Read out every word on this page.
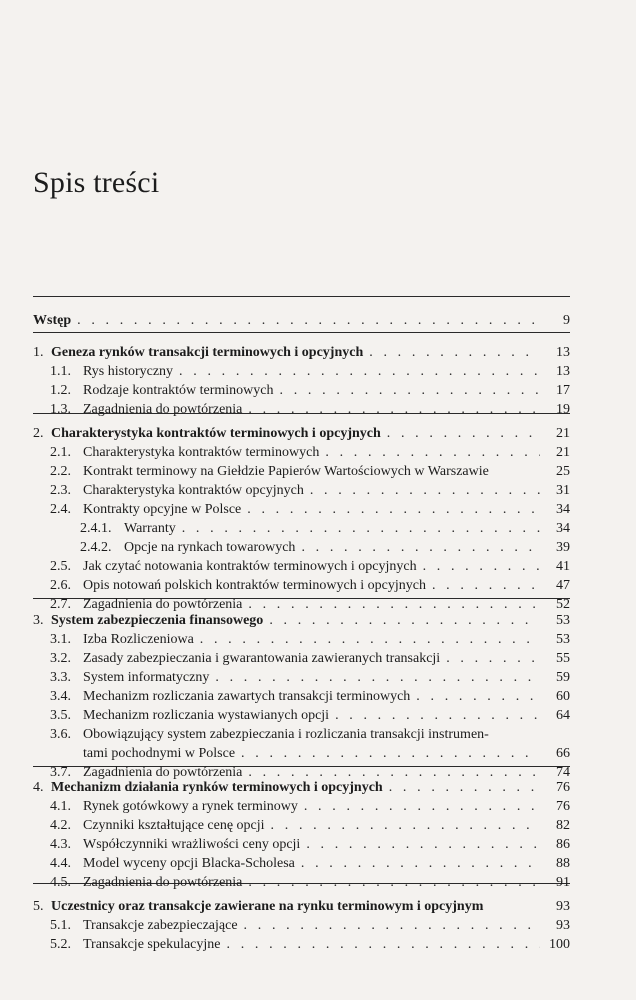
Spis treści
Wstęp . . .	9
1. Geneza rynków transakcji terminowych i opcyjnych . . .	13
1.1. Rys historyczny . . .	13
1.2. Rodzaje kontraktów terminowych . . .	17
1.3. Zagadnienia do powtórzenia . . .	19
2. Charakterystyka kontraktów terminowych i opcyjnych . . .	21
2.1. Charakterystyka kontraktów terminowych . . .	21
2.2. Kontrakt terminowy na Giełdzie Papierów Wartościowych w Warszawie	25
2.3. Charakterystyka kontraktów opcyjnych . . .	31
2.4. Kontrakty opcyjne w Polsce . . .	34
2.4.1. Warranty . . .	34
2.4.2. Opcje na rynkach towarowych . . .	39
2.5. Jak czytać notowania kontraktów terminowych i opcyjnych . . .	41
2.6. Opis notowań polskich kontraktów terminowych i opcyjnych . . .	47
2.7. Zagadnienia do powtórzenia . . .	52
3. System zabezpieczenia finansowego . . .	53
3.1. Izba Rozliczeniowa . . .	53
3.2. Zasady zabezpieczania i gwarantowania zawieranych transakcji . . .	55
3.3. System informatyczny . . .	59
3.4. Mechanizm rozliczania zawartych transakcji terminowych . . .	60
3.5. Mechanizm rozliczania wystawianych opcji . . .	64
3.6. Obowiązujący system zabezpieczania i rozliczania transakcji instrumen-
tami pochodnymi w Polsce . . .	66
3.7. Zagadnienia do powtórzenia . . .	74
4. Mechanizm działania rynków terminowych i opcyjnych . . .	76
4.1. Rynek gotówkowy a rynek terminowy . . .	76
4.2. Czynniki kształtujące cenę opcji . . .	82
4.3. Współczynniki wrażliwości ceny opcji . . .	86
4.4. Model wyceny opcji Blacka-Scholesa . . .	88
4.5. Zagadnienia do powtórzenia . . .	91
5. Uczestnicy oraz transakcje zawierane na rynku terminowym i opcyjnym	93
5.1. Transakcje zabezpieczające . . .	93
5.2. Transakcje spekulacyjne . . .	100
